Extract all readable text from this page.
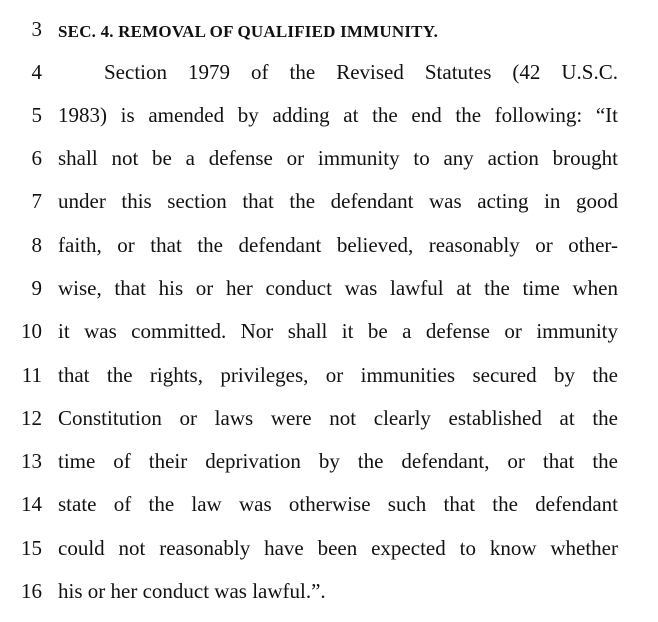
3 SEC. 4. REMOVAL OF QUALIFIED IMMUNITY.
4	Section 1979 of the Revised Statutes (42 U.S.C.
5 1983) is amended by adding at the end the following: “It
6 shall not be a defense or immunity to any action brought
7 under this section that the defendant was acting in good
8 faith, or that the defendant believed, reasonably or other-
9 wise, that his or her conduct was lawful at the time when
10 it was committed. Nor shall it be a defense or immunity
11 that the rights, privileges, or immunities secured by the
12 Constitution or laws were not clearly established at the
13 time of their deprivation by the defendant, or that the
14 state of the law was otherwise such that the defendant
15 could not reasonably have been expected to know whether
16 his or her conduct was lawful.”.
